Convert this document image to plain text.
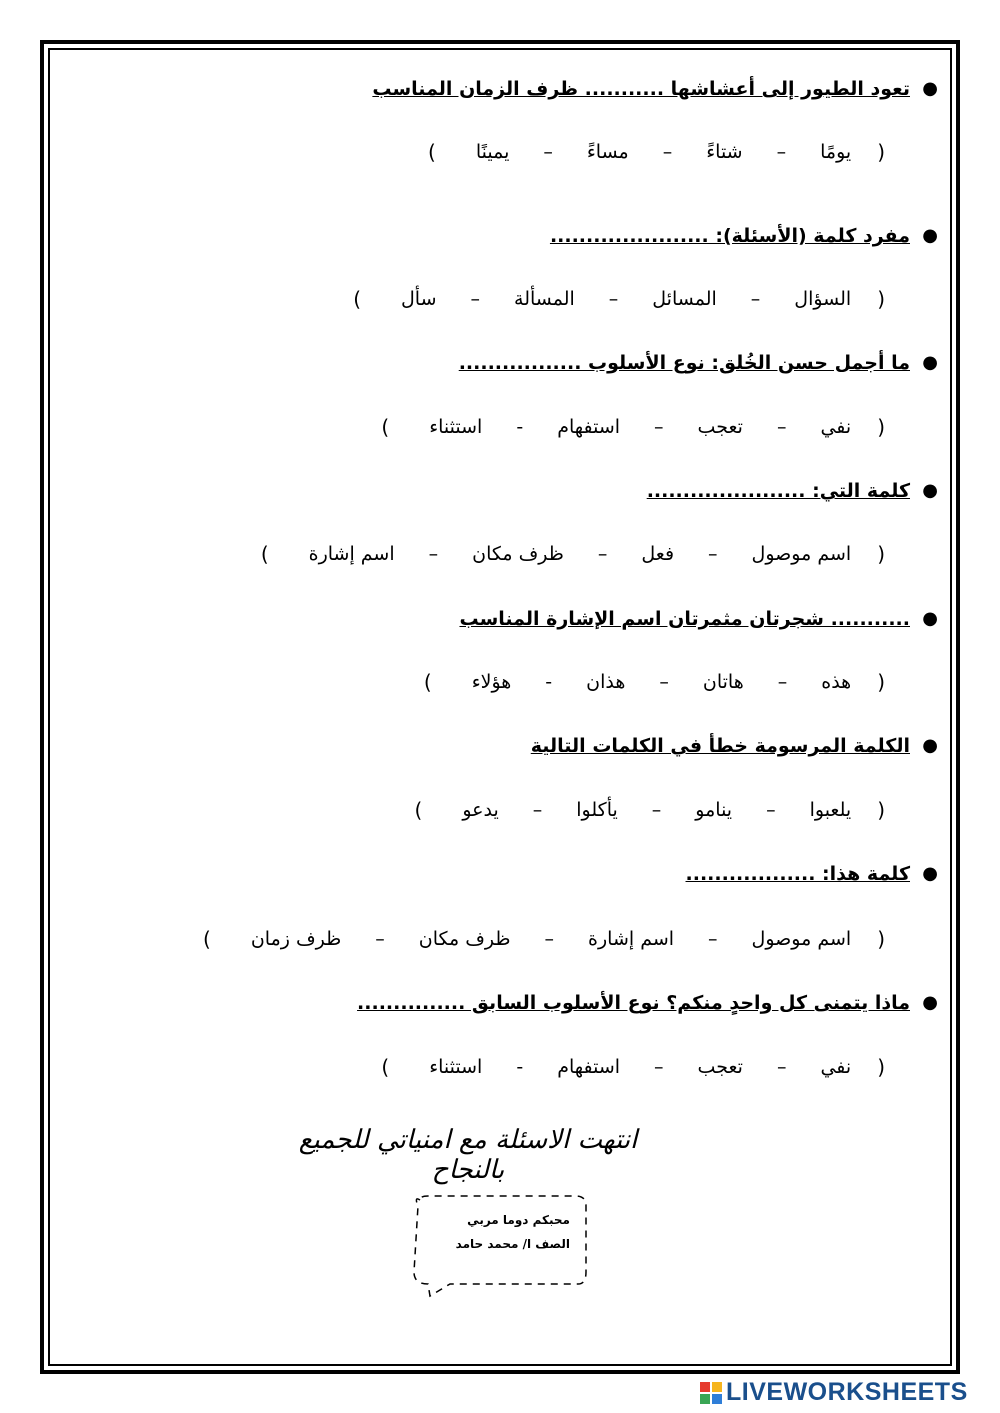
●
تعود الطيور إلى أعشاشها ........... ظرف الزمان المناسب
(
يومًا
–
شتاءً
–
مساءً
–
يمينًا
)
●
مفرد كلمة (الأسئلة): ......................
(
السؤال
–
المسائل
–
المسألة
–
سأل
)
●
ما أجمل حسن الخُلق: نوع الأسلوب .................
(
نفي
–
تعجب
–
استفهام
-
استثناء
)
●
كلمة التي: ......................
(
اسم موصول
–
فعل
–
ظرف مكان
–
اسم إشارة
)
●
........... شجرتان مثمرتان اسم الإشارة المناسب
(
هذه
–
هاتان
–
هذان
-
هؤلاء
)
●
الكلمة المرسومة خطأ في الكلمات التالية
(
يلعبوا
–
ينامو
–
يأكلوا
–
يدعو
)
●
كلمة هذا: ..................
(
اسم موصول
–
اسم إشارة
–
ظرف مكان
–
ظرف زمان
)
●
ماذا يتمنى كل واحدٍ منكم؟ نوع الأسلوب السابق ...............
(
نفي
–
تعجب
–
استفهام
-
استثناء
)
انتهت الاسئلة مع امنياتي للجميع بالنجاح
محبكم دوما مربي
الصف ا/ محمد حامد
LIVEWORKSHEETS
